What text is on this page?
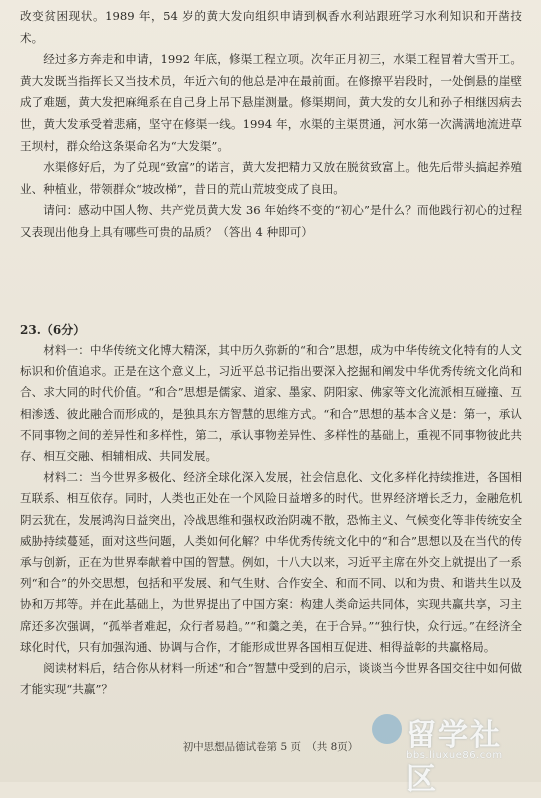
改变贫困现状。1989 年，54 岁的黄大发向组织申请到枫香水利站跟班学习水利知识和开凿技术。

经过多方奔走和申请，1992 年底，修渠工程立项。次年正月初三，水渠工程冒着大雪开工。黄大发既当指挥长又当技术员，年近六旬的他总是冲在最前面。在修擦平岩段时，一处倒悬的崖壁成了难题，黄大发把麻绳系在自己身上吊下悬崖测量。修渠期间，黄大发的女儿和孙子相继因病去世，黄大发承受着悲痛，坚守在修渠一线。1994 年，水渠的主渠贯通，河水第一次满满地流进草王坝村，群众给这条渠命名为“大发渠”。

水渠修好后，为了兑现“致富”的诺言，黄大发把精力又放在脱贫致富上。他先后带头搞起养殖业、种植业，带领群众“坡改梯”，昔日的荒山荒坡变成了良田。

请问：感动中国人物、共产党员黄大发 36 年始终不变的“初心”是什么？而他践行初心的过程又表现出他身上具有哪些可贵的品质？（答出 4 种即可）

23.（6分）

材料一：中华传统文化博大精深，其中历久弥新的“和合”思想，成为中华传统文化特有的人文标识和价值追求。正是在这个意义上，习近平总书记指出要深入挖掘和阐发中华优秀传统文化尚和合、求大同的时代价值。“和合”思想是儒家、道家、墨家、阴阳家、佛家等文化流派相互碰撞、互相渗透、彼此融合而形成的，是独具东方智慧的思维方式。“和合”思想的基本含义是：第一，承认不同事物之间的差异性和多样性，第二，承认事物差异性、多样性的基础上，重视不同事物彼此共存、相互交融、相辅相成、共同发展。

材料二：当今世界多极化、经济全球化深入发展，社会信息化、文化多样化持续推进，各国相互联系、相互依存。同时，人类也正处在一个风险日益增多的时代。世界经济增长乏力，金融危机阴云犹在，发展鸿沟日益突出，冷战思维和强权政治阴魂不散，恐怖主义、气候变化等非传统安全威胁持续蔓延，面对这些问题，人类如何化解？中华优秀传统文化中的“和合”思想以及在当代的传承与创新，正在为世界奉献着中国的智慧。例如，十八大以来，习近平主席在外交上就提出了一系列“和合”的外交思想，包括和平发展、和气生财、合作安全、和而不同、以和为贵、和谐共生以及协和万邦等。并在此基础上，为世界提出了中国方案：构建人类命运共同体，实现共赢共享，习主席还多次强调，“孤举者难起，众行者易趋。”“和羹之美，在于合异。”“独行快，众行远。”在经济全球化时代，只有加强沟通、协调与合作，才能形成世界各国相互促进、相得益彰的共赢格局。

阅读材料后，结合你从材料一所述“和合”智慧中受到的启示，谈谈当今世界各国交往中如何做才能实现“共赢”？

初中思想品德试卷第 5 页　（共 8页）	留学社区
bbs.liuxue86.com
